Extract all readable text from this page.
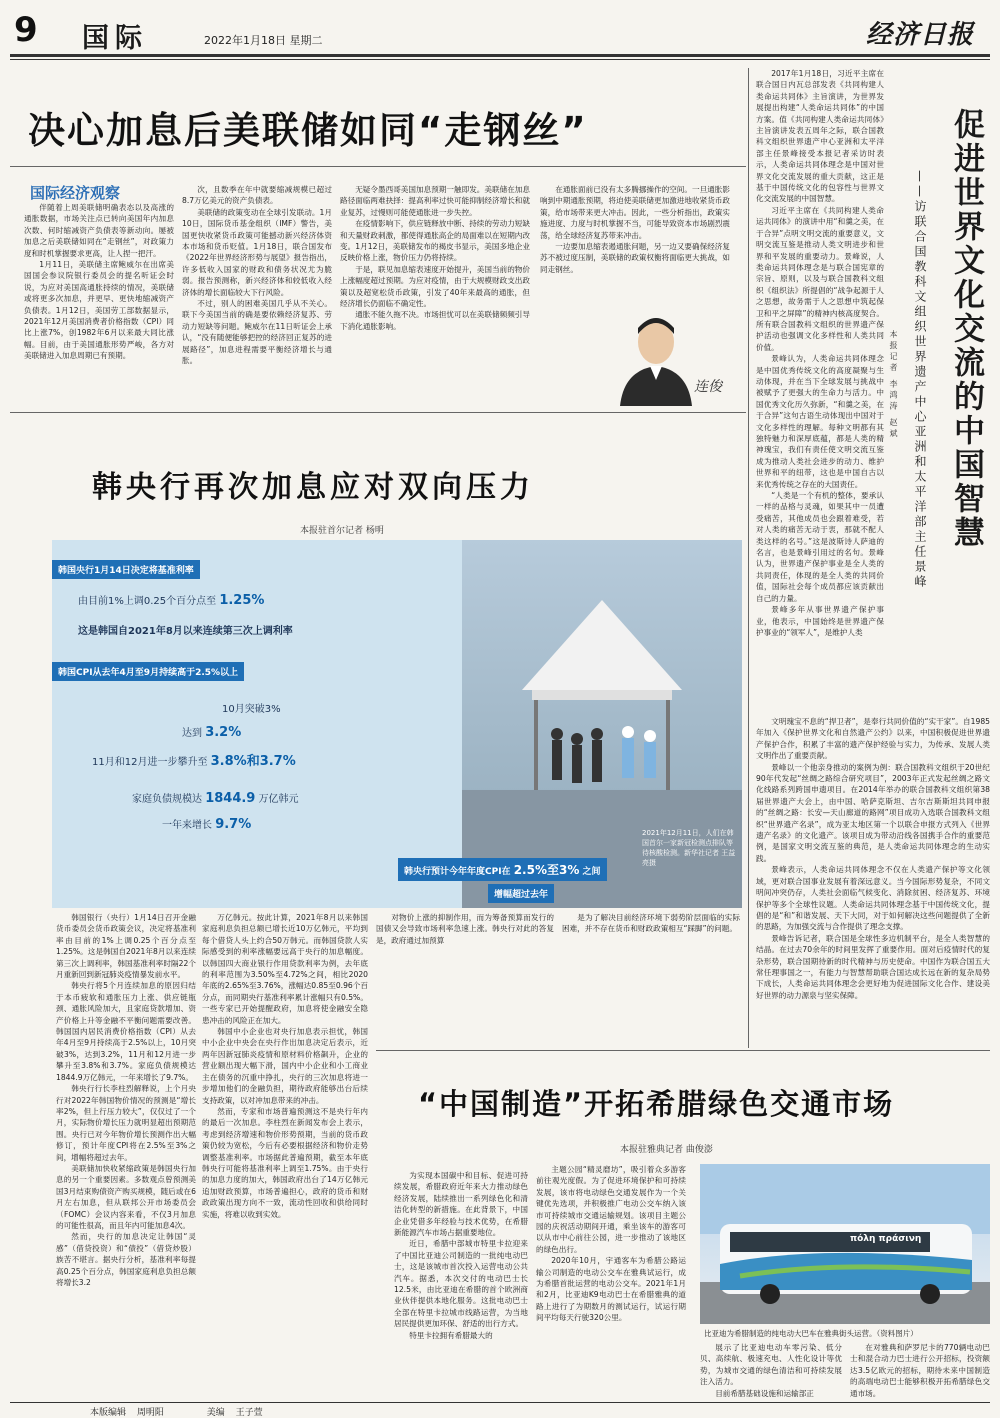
9 国际	2022年1月18日 星期二	经济日报
决心加息后美联储如同“走钢丝”
国际经济观察

伴随着上周美联储明确表态以及高涨的通胀数据，市场关注点已转向美国年内加息次数、何时缩减资产负债表等新动向。屡被加息之后美联储如同在“走钢丝”，对政策力度和时机掌握要求更高，让人捏一把汗。

1月11日，美联储主席鲍威尔在出席美国国会参议院银行委员会的提名听证会时说，为应对美国高通胀持续的情况，美联储或将更多次加息，并更早、更快地缩减资产负债表。1月12日，美国劳工部数据显示，2021年12月美国消费者价格指数（CPI）同比上涨7%，创1982年6月以来最大同比涨幅。目前，由于美国通胀形势严峻，各方对美联储进入加息周期已有预期。

次，且数季在年中就要缩减规模已超过8.7万亿美元的资产负债表。

美联储的政策变动在全球引发联动。1月10日，国际货币基金组织（IMF）警告，美国更快收紧货币政策可能撼动新兴经济体资本市场和货币贬值。1月18日，联合国发布《2022年世界经济形势与展望》报告指出，许多低收入国家的财政和债务状况尤为脆弱。报告预测称，新兴经济体和较低收入经济体的增长面临较大下行风险。

不过，别人的困难美国几乎从不关心。联下今美国当前的确是要依赖经济复苏、劳动力短缺等问题。鲍威尔在11日听证会上承认，“没有随便能够把控的经济回正复苏的进展路径”，加息进程需要平衡经济增长与通胀。

无疑令墨西哥美国加息预期一触即发。美联储在加息路径面临两难抉择：提高利率过快可能抑制经济增长和就业复苏，过慢则可能使通胀进一步失控。

在疫情影响下，供应链释放中断、持续的劳动力短缺和天量财政刺激，都使得通胀高企的局面难以在短期内改变。1月12日，美联储发布的褐皮书显示，美国多地企业反映价格上涨，物价压力仍将持续。

于是，联见加息缩表速度开始提升，美国当前的物价上涨幅度超过预期。为应对疫情，由于大规模财政支出政策以及超宽松货币政策，引发了40年来最高的通胀，但经济增长仍面临不确定性。

通胀不能久拖不决。市场担忧可以在美联储频频引导下消化通胀影响。

在通胀面前已没有太多腾挪操作的空间。一旦通胀影响到中期通胀预期，将迫使美联储更加激进地收紧货币政策，给市场带来更大冲击。因此，一些分析指出，政策实施进度、力度与时机掌握不当，可能导致资本市场剧烈震荡，给全球经济复苏带来冲击。

一边要加息缩表遏通胀问题，另一边又要确保经济复苏不被过度压制，美联储的政策权衡将面临更大挑战，如同走钢丝。

连俊
韩央行再次加息应对双向压力
本报驻首尔记者 杨明
2021年12月11日，人们在韩国首尔一家新冠检测点排队等待核酸检测。新华社记者 王益亮摄
韩国央行1月14日决定将基准利率
由目前1%上调0.25个百分点至 1.25%
这是韩国自2021年8月以来连续第三次上调利率
韩国CPI从去年4月至9月持续高于2.5%以上
10月突破3%
达到 3.2%
11月和12月进一步攀升至 3.8%和3.7%
家庭负债规模达 1844.9 万亿韩元
一年来增长 9.7%
韩央行预计今年年度CPI在 2.5%至3% 之间
增幅超过去年

韩国银行（央行）1月14日召开金融货币委员会货币政策会议，决定将基准利率由目前的1%上调0.25个百分点至1.25%。这是韩国自2021年8月以来连续第三次上调利率，韩国基准利率时隔22个月重新回到新冠肺炎疫情暴发前水平。

韩央行将5个月连续加息的原因归结于本币疲软和通胀压力上涨、供应链瓶颈、通胀风险加大，且家庭贷款增加、资产价格上升等金融不平衡问题需要改善。韩国国内居民消费价格指数（CPI）从去年4月至9月持续高于2.5%以上，10月突破3%，达到3.2%，11月和12月进一步攀升至3.8%和3.7%。家庭负债规模达1844.9万亿韩元，一年来增长了9.7%。

韩央行行长李柱烈解释说，上个月央行对2022年韩国物价情况的预测是“增长率2%，但上行压力较大”，仅仅过了一个月，实际物价增长压力就明显超出预期范围。央行已对今年物价增长预测作出大幅修订，预计年度CPI将在2.5%至3%之间，增幅将超过去年。

美联储加快收紧缩政策是韩国央行加息的另一个重要因素。多数观点曾预测美国3月结束购债资产购买规模，随后或在6月左右加息，但从联邦公开市场委员会（FOMC）会议内容来看，不仅3月加息的可能性很高，而且年内可能加息4次。

然而，央行的加息决定让韩国“灵感”（借贷投资）和“债投”（借贷炒股）族苦不堪言。据央行分析，基准利率每提高0.25个百分点，韩国家庭利息负担总额将增长3.2

万亿韩元。按此计算，2021年8月以来韩国家庭利息负担总额已增长近10万亿韩元，平均到每个借贷人头上约合50万韩元。而韩国贷款人实际感受到的利率涨幅要远高于央行的加息幅度。以韩国四大商业银行作用贷款利率为例，去年底的利率范围为3.50%至4.72%之间，相比2020年底的2.65%至3.76%，涨幅达0.85至0.96个百分点，而同期央行基准利率累计涨幅只有0.5%。一些专家已开始提醒政府，加息将使金融安全隐患冲击的风险正在加大。

韩国中小企业也对央行加息表示担忧，韩国中小企业中央会在央行作出加息决定后表示，近两年因新冠肺炎疫情和原材料价格飙升，企业的营业额出现大幅下滑，国内中小企业和小工商业主在债务的沉重中挣扎，央行的三次加息将进一步增加他们的金融负担，期待政府能够出台后续支持政策，以对冲加息带来的冲击。

然而，专家和市场普遍预测这不是央行年内的最后一次加息。李柱烈在新闻发布会上表示，考虑到经济增速和物价形势预期，当前的货币政策仍较为宽松，今后有必要根据经济和物价走势调整基准利率。市场据此普遍预期，截至本年底韩央行可能将基准利率上调至1.75%。由于央行的加息力度的加大，韩国政府出台了14万亿韩元追加财政预算，市场普遍担心，政府的货币和财政政策出现方向不一致，流动性回收和供给同时实施，将难以收到实效。

对物价上涨的抑制作用，而为筹备预算而发行的国债又会导致市场利率急速上涨。韩央行对此的答复是，政府通过加预算

是为了解决目前经济环境下弱势阶层面临的实际困难，并不存在货币和财政政策相互“踩脚”的问题。

促进世界文化交流的中国智慧
——访联合国教科文组织世界遗产中心亚洲和太平洋部主任景峰
本报记者 李鸿涛 赵斌

2017年1月18日，习近平主席在联合国日内瓦总部发表《共同构建人类命运共同体》主旨演讲，为世界发展提出构建“人类命运共同体”的中国方案。值《共同构建人类命运共同体》主旨演讲发表五周年之际，联合国教科文组织世界遗产中心亚洲和太平洋部主任景峰接受本报记者采访时表示，人类命运共同体理念是中国对世界文化交流发展的重大贡献，这正是基于中国传统文化的包容性与世界文化交流发展的中国智慧。

习近平主席在《共同构建人类命运共同体》的演讲中用“和羹之美，在于合异”点明文明交流的重要意义，文明交流互鉴是推动人类文明进步和世界和平发展的重要动力。景峰说，人类命运共同体理念是与联合国宪章的宗旨、原则，以及与联合国教科文组织《组织法》所提倡的“战争起源于人之思想，故务需于人之思想中筑起保卫和平之屏障”的精神内核高度契合。所有联合国教科文组织的世界遗产保护活动也强调文化多样性和人类共同价值。

景峰认为，人类命运共同体理念是中国优秀传统文化的高度凝聚与生动体现，并在当下全球发展与挑战中被赋予了更强大的生命力与活力。中国优秀文化历久弥新，“和羹之美，在于合异”这句古语生动体现出中国对于文化多样性的理解。每种文明都有其独特魅力和深厚底蕴，都是人类的精神瑰宝，我们有责任使文明交流互鉴成为推动人类社会进步的动力、维护世界和平的纽带，这也是中国自古以来优秀传统之存在的大国责任。

“人类是一个有机的整体，要承认一样的品格与灵魂，如果其中一员遭受痛苦，其他成员也会跟着难受，若对人类的痛苦无动于衷，那就不配人类这样的名号。”这是波斯诗人萨迪的名言，也是景峰引用过的名句。景峰认为，世界遗产保护事业是全人类的共同责任，体现的是全人类的共同价值，国际社会每个成员都应该贡献出自己的力量。

景峰多年从事世界遗产保护事业，他表示，中国始终是世界遗产保护事业的“领军人”，是维护人类

文明瑰宝不息的“捍卫者”，是奉行共同价值的“实干家”。自1985年加入《保护世界文化和自然遗产公约》以来，中国积极促进世界遗产保护合作，积累了丰富的遗产保护经验与实力，为传承、发展人类文明作出了重要贡献。

景峰以一个他亲身推动的案例为例：联合国教科文组织于20世纪90年代发起“丝绸之路综合研究项目”，2003年正式发起丝绸之路文化线路系列跨国申遗项目。在2014年举办的联合国教科文组织第38届世界遗产大会上，由中国、哈萨克斯坦、吉尔吉斯斯坦共同申报的“丝绸之路：长安—天山廊道的路网”项目成功入选联合国教科文组织“世界遗产名录”，成为亚太地区第一个以联合申报方式列入《世界遗产名录》的文化遗产。该项目成为带动沿线各国携手合作的重要范例，是国家文明交流互鉴的典范，是人类命运共同体理念的生动实践。

景峰表示，人类命运共同体理念不仅在人类遗产保护等文化领域，更对联合国事业发展有着深远意义。当今国际形势复杂，不同文明间冲突仍存，人类社会面临气候变化、消除贫困、经济复苏、环境保护等多个全球性议题。人类命运共同体理念基于中国传统文化，提倡的是“和”和谐发展、天下大同，对于如何解决这些问题提供了全新的思路，为加强交流与合作提供了理念支撑。

景峰告诉记者，联合国是全球性多边机制平台，是全人类智慧的结晶。在过去70余年的时间里发挥了重要作用。面对后疫情时代的复杂形势，联合国期待新的时代精神与历史使命。中国作为联合国五大常任理事国之一，有能力与智慧帮助联合国达成长远在新的复杂局势下成长，人类命运共同体理念会更好地为促进国际文化合作、建设美好世界的动力源泉与坚实保障。

“中国制造”开拓希腊绿色交通市场
本报驻雅典记者 曲俊澎

为实现本国碳中和目标、促进可持续发展，希腊政府近年来大力推动绿色经济发展，陆续推出一系列绿色化和清洁化转型的新措施。在此背景下，中国企业凭借多年经验与技术优势，在希腊新能源汽车市场占据重要地位。

近日，希腊中部城市特里卡拉迎来了中国比亚迪公司制造的一批纯电动巴士，这是该城市首次投入运营电动公共汽车。据悉，本次交付的电动巴士长12.5米，由比亚迪在希腊的首个欧洲商业伙伴提供本地化服务。这批电动巴士全部在特里卡拉城市线路运营，为当地居民提供更加环保、舒适的出行方式。

特里卡拉拥有希腊最大的

主题公园“精灵磨坊”，吸引着众多游客前往观光度假。为了促进环境保护和可持续发展，该市将电动绿色交通发展作为一个关键优先选项，并积极推广电动公交车纳入该市可持续城市交通运输规划。该项目主题公园的庆祝活动期间开通，乘坐该车的游客可以从市中心前往公园，进一步推动了该地区的绿色出行。

2020年10月，宇通客车为希腊公路运输公司制造的电动公交车在雅典试运行，成为希腊首批运营的电动公交车。2021年1月和2月，比亚迪K9电动巴士在希腊雅典的道路上进行了为期数月的测试运行，试运行期间平均每天行驶320公里。

πόλη πράσινη
比亚迪为希腊制造的纯电动大巴车在雅典街头运营。（资料图片）

展示了比亚迪电动车零污染、低分贝、高续航、极速充电、人性化设计等优势，为城市交通的绿色清洁和可持续发展注入活力。

目前希腊基础设施和运输部正

在对雅典和萨罗尼卡的770辆电动巴士和混合动力巴士进行公开招标，投资额达3.5亿欧元的招标，期待未来中国制造的高端电动巴士能够积极开拓希腊绿色交通市场。

本版编辑 周明阳	美编 王子萱
